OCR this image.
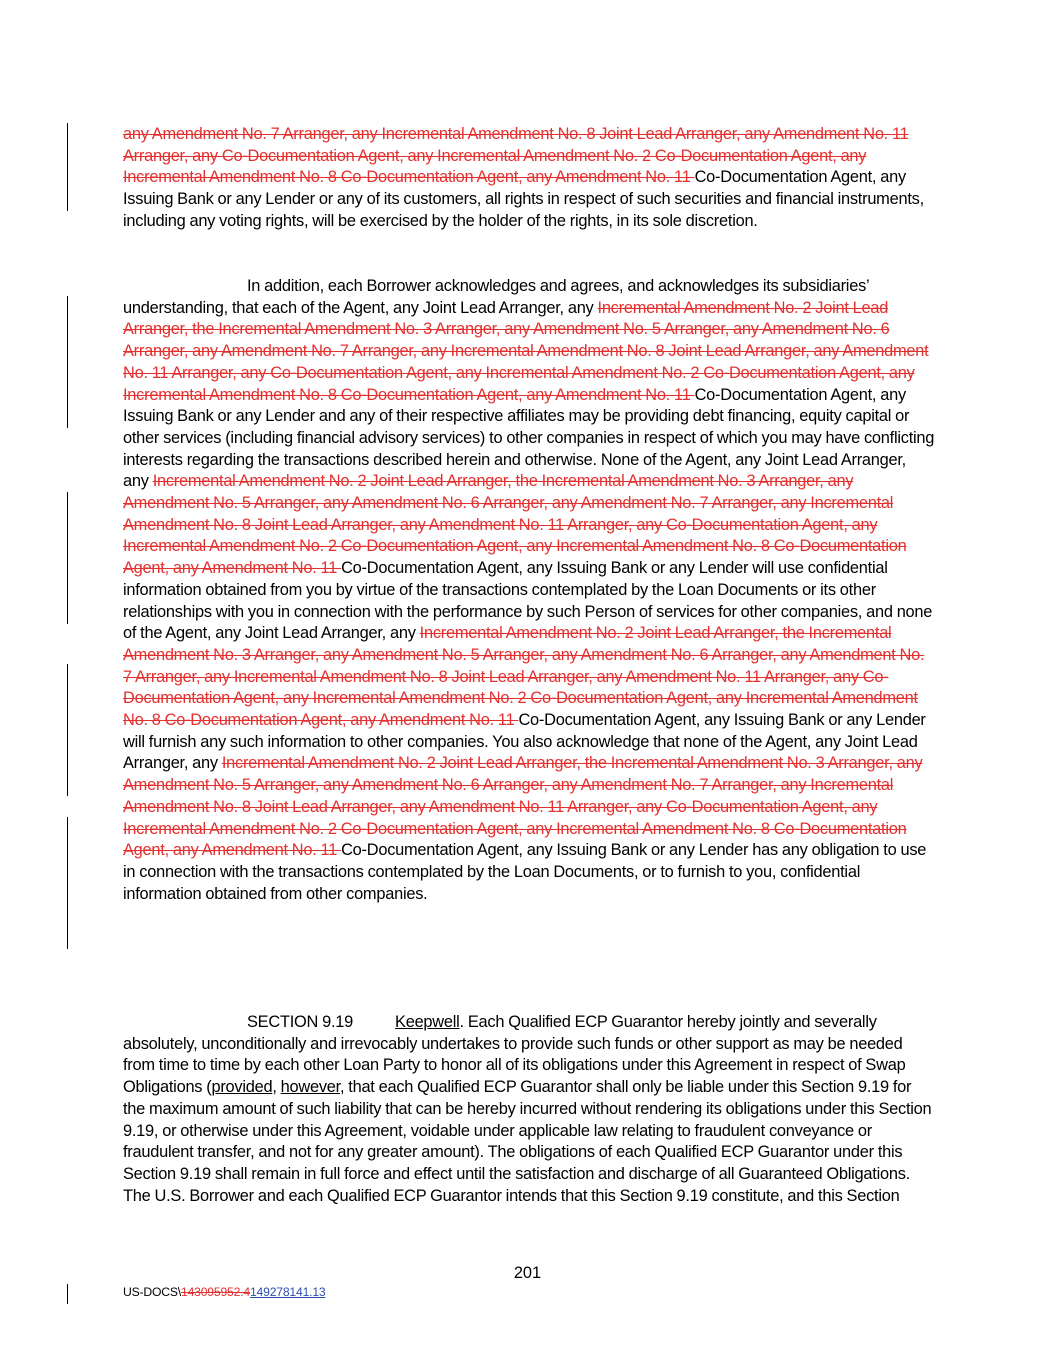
any Amendment No. 7 Arranger, any Incremental Amendment No. 8 Joint Lead Arranger, any Amendment No. 11 Arranger, any Co-Documentation Agent, any Incremental Amendment No. 2 Co-Documentation Agent, any Incremental Amendment No. 8 Co-Documentation Agent, any Amendment No. 11 Co-Documentation Agent, any Issuing Bank or any Lender or any of its customers, all rights in respect of such securities and financial instruments, including any voting rights, will be exercised by the holder of the rights, in its sole discretion.
In addition, each Borrower acknowledges and agrees, and acknowledges its subsidiaries’ understanding, that each of the Agent, any Joint Lead Arranger, any Incremental Amendment No. 2 Joint Lead Arranger, the Incremental Amendment No. 3 Arranger, any Amendment No. 5 Arranger, any Amendment No. 6 Arranger, any Amendment No. 7 Arranger, any Incremental Amendment No. 8 Joint Lead Arranger, any Amendment No. 11 Arranger, any Co-Documentation Agent, any Incremental Amendment No. 2 Co-Documentation Agent, any Incremental Amendment No. 8 Co-Documentation Agent, any Amendment No. 11 Co-Documentation Agent, any Issuing Bank or any Lender and any of their respective affiliates may be providing debt financing, equity capital or other services (including financial advisory services) to other companies in respect of which you may have conflicting interests regarding the transactions described herein and otherwise. None of the Agent, any Joint Lead Arranger, any Incremental Amendment No. 2 Joint Lead Arranger, the Incremental Amendment No. 3 Arranger, any Amendment No. 5 Arranger, any Amendment No. 6 Arranger, any Amendment No. 7 Arranger, any Incremental Amendment No. 8 Joint Lead Arranger, any Amendment No. 11 Arranger, any Co-Documentation Agent, any Incremental Amendment No. 2 Co-Documentation Agent, any Incremental Amendment No. 8 Co-Documentation Agent, any Amendment No. 11 Co-Documentation Agent, any Issuing Bank or any Lender will use confidential information obtained from you by virtue of the transactions contemplated by the Loan Documents or its other relationships with you in connection with the performance by such Person of services for other companies, and none of the Agent, any Joint Lead Arranger, any Incremental Amendment No. 2 Joint Lead Arranger, the Incremental Amendment No. 3 Arranger, any Amendment No. 5 Arranger, any Amendment No. 6 Arranger, any Amendment No. 7 Arranger, any Incremental Amendment No. 8 Joint Lead Arranger, any Amendment No. 11 Arranger, any Co-Documentation Agent, any Incremental Amendment No. 2 Co-Documentation Agent, any Incremental Amendment No. 8 Co-Documentation Agent, any Amendment No. 11 Co-Documentation Agent, any Issuing Bank or any Lender will furnish any such information to other companies. You also acknowledge that none of the Agent, any Joint Lead Arranger, any Incremental Amendment No. 2 Joint Lead Arranger, the Incremental Amendment No. 3 Arranger, any Amendment No. 5 Arranger, any Amendment No. 6 Arranger, any Amendment No. 7 Arranger, any Incremental Amendment No. 8 Joint Lead Arranger, any Amendment No. 11 Arranger, any Co-Documentation Agent, any Incremental Amendment No. 2 Co-Documentation Agent, any Incremental Amendment No. 8 Co-Documentation Agent, any Amendment No. 11 Co-Documentation Agent, any Issuing Bank or any Lender has any obligation to use in connection with the transactions contemplated by the Loan Documents, or to furnish to you, confidential information obtained from other companies.
SECTION 9.19	Keepwell. Each Qualified ECP Guarantor hereby jointly and severally absolutely, unconditionally and irrevocably undertakes to provide such funds or other support as may be needed from time to time by each other Loan Party to honor all of its obligations under this Agreement in respect of Swap Obligations (provided, however, that each Qualified ECP Guarantor shall only be liable under this Section 9.19 for the maximum amount of such liability that can be hereby incurred without rendering its obligations under this Section 9.19, or otherwise under this Agreement, voidable under applicable law relating to fraudulent conveyance or fraudulent transfer, and not for any greater amount). The obligations of each Qualified ECP Guarantor under this Section 9.19 shall remain in full force and effect until the satisfaction and discharge of all Guaranteed Obligations. The U.S. Borrower and each Qualified ECP Guarantor intends that this Section 9.19 constitute, and this Section
201
US-DOCS\143095952.4149278141.13
